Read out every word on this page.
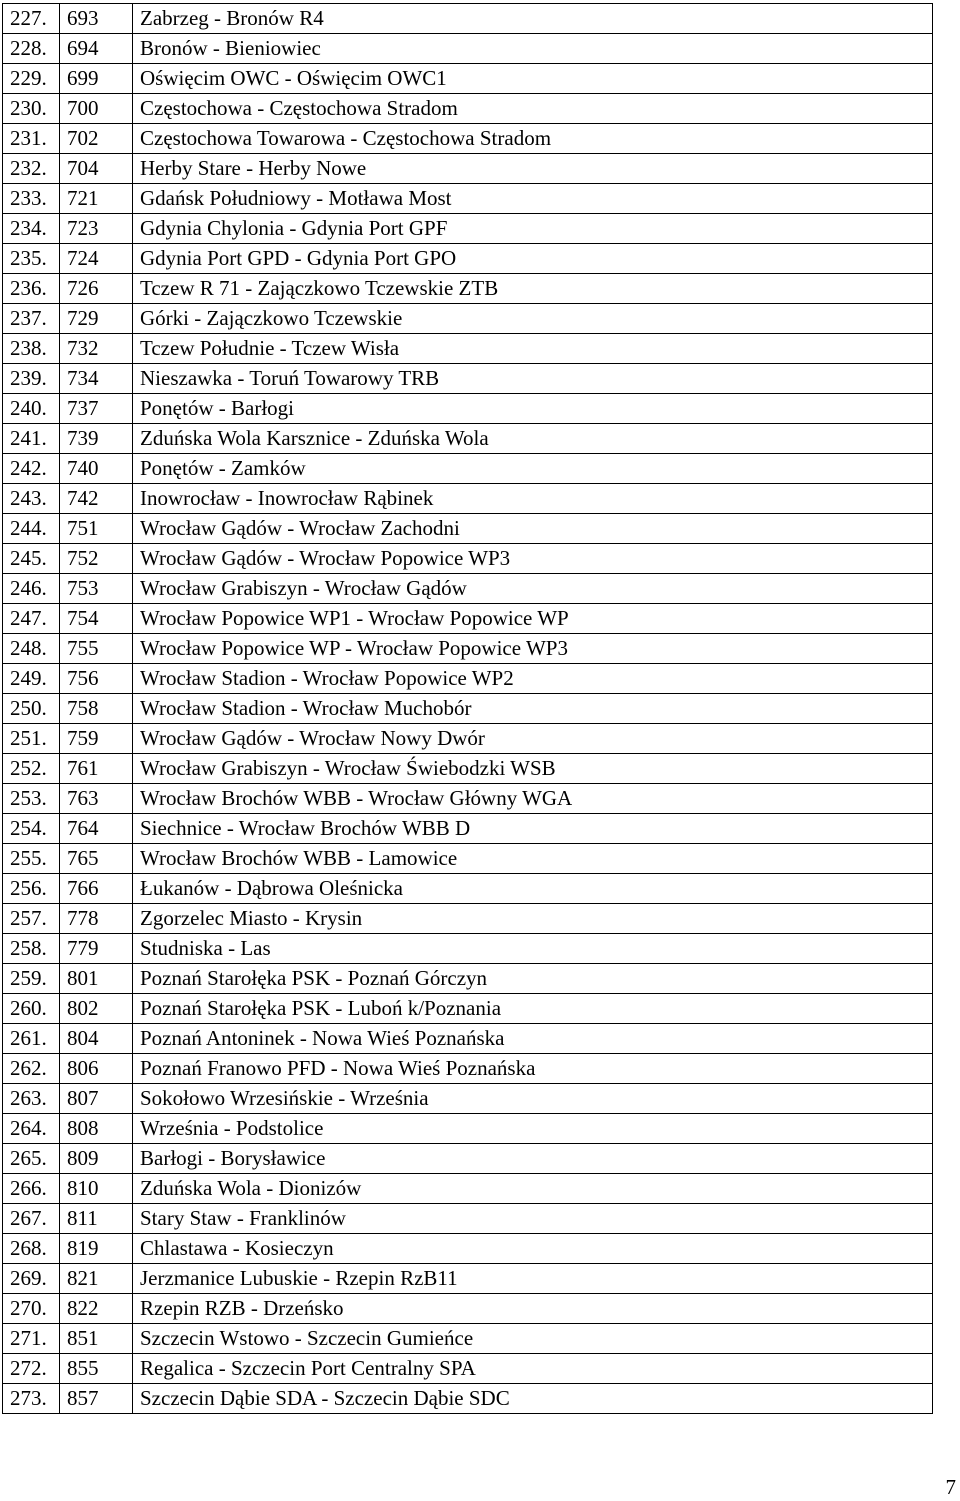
227.	693	Zabrzeg - Bronów R4
228.	694	Bronów - Bieniowiec
229.	699	Oświęcim OWC - Oświęcim OWC1
230.	700	Częstochowa - Częstochowa Stradom
231.	702	Częstochowa Towarowa - Częstochowa Stradom
232.	704	Herby Stare - Herby Nowe
233.	721	Gdańsk Południowy - Motława Most
234.	723	Gdynia Chylonia - Gdynia Port GPF
235.	724	Gdynia Port GPD - Gdynia Port GPO
236.	726	Tczew R 71 - Zajączkowo Tczewskie ZTB
237.	729	Górki - Zajączkowo Tczewskie
238.	732	Tczew Południe - Tczew Wisła
239.	734	Nieszawka - Toruń Towarowy TRB
240.	737	Ponętów - Barłogi
241.	739	Zduńska Wola Karsznice - Zduńska Wola
242.	740	Ponętów - Zamków
243.	742	Inowrocław - Inowrocław Rąbinek
244.	751	Wrocław Gądów - Wrocław Zachodni
245.	752	Wrocław Gądów - Wrocław Popowice WP3
246.	753	Wrocław Grabiszyn - Wrocław Gądów
247.	754	Wrocław Popowice WP1 - Wrocław Popowice WP
248.	755	Wrocław Popowice WP - Wrocław Popowice WP3
249.	756	Wrocław Stadion - Wrocław Popowice WP2
250.	758	Wrocław Stadion - Wrocław Muchobór
251.	759	Wrocław Gądów - Wrocław Nowy Dwór
252.	761	Wrocław Grabiszyn - Wrocław Świebodzki WSB
253.	763	Wrocław Brochów WBB - Wrocław Główny WGA
254.	764	Siechnice - Wrocław Brochów WBB D
255.	765	Wrocław Brochów WBB - Lamowice
256.	766	Łukanów - Dąbrowa Oleśnicka
257.	778	Zgorzelec Miasto - Krysin
258.	779	Studniska - Las
259.	801	Poznań Starołęka PSK - Poznań Górczyn
260.	802	Poznań Starołęka PSK - Luboń k/Poznania
261.	804	Poznań Antoninek - Nowa Wieś Poznańska
262.	806	Poznań Franowo PFD - Nowa Wieś Poznańska
263.	807	Sokołowo Wrzesińskie - Września
264.	808	Września - Podstolice
265.	809	Barłogi - Borysławice
266.	810	Zduńska Wola - Dionizów
267.	811	Stary Staw - Franklinów
268.	819	Chlastawa - Kosieczyn
269.	821	Jerzmanice Lubuskie - Rzepin RzB11
270.	822	Rzepin RZB - Drzeńsko
271.	851	Szczecin Wstowo - Szczecin Gumieńce
272.	855	Regalica - Szczecin Port Centralny SPA
273.	857	Szczecin Dąbie SDA - Szczecin Dąbie SDC
7
